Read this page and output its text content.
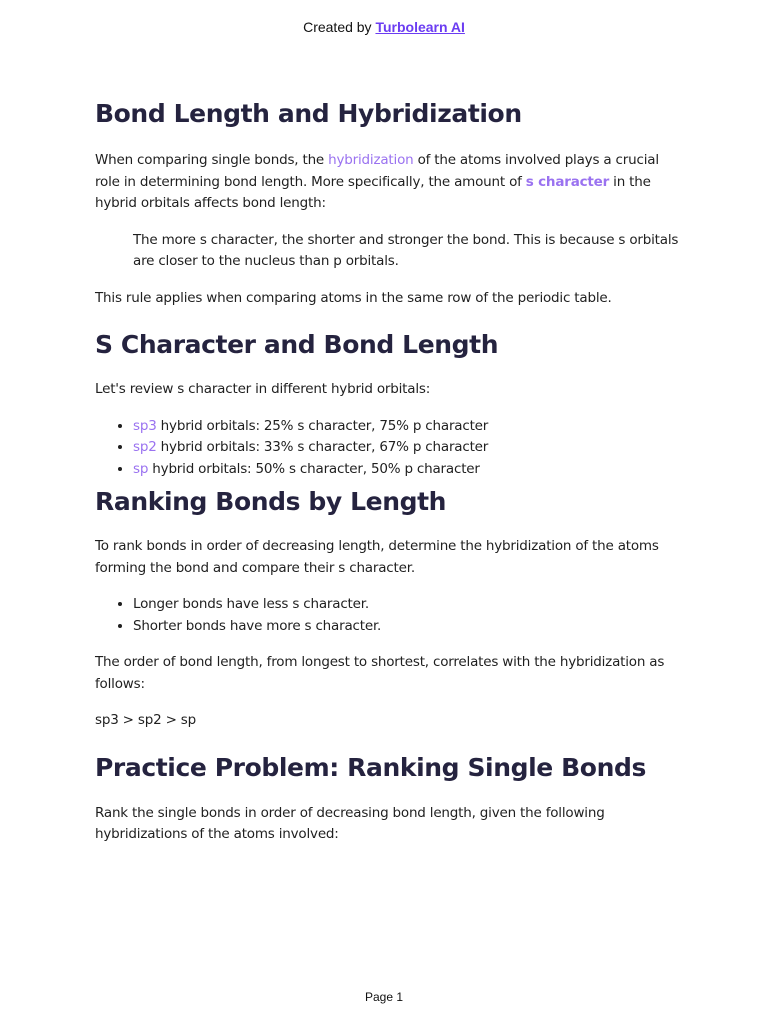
Created by Turbolearn AI
Bond Length and Hybridization

When comparing single bonds, the hybridization of the atoms involved plays a crucial role in determining bond length. More specifically, the amount of s character in the hybrid orbitals affects bond length:

The more s character, the shorter and stronger the bond. This is because s orbitals are closer to the nucleus than p orbitals.

This rule applies when comparing atoms in the same row of the periodic table.

S Character and Bond Length

Let's review s character in different hybrid orbitals:

• sp3 hybrid orbitals: 25% s character, 75% p character
• sp2 hybrid orbitals: 33% s character, 67% p character
• sp hybrid orbitals: 50% s character, 50% p character
Ranking Bonds by Length

To rank bonds in order of decreasing length, determine the hybridization of the atoms forming the bond and compare their s character.

• Longer bonds have less s character.
• Shorter bonds have more s character.

The order of bond length, from longest to shortest, correlates with the hybridization as follows:

sp3 > sp2 > sp

Practice Problem: Ranking Single Bonds

Rank the single bonds in order of decreasing bond length, given the following hybridizations of the atoms involved:

Page 1
